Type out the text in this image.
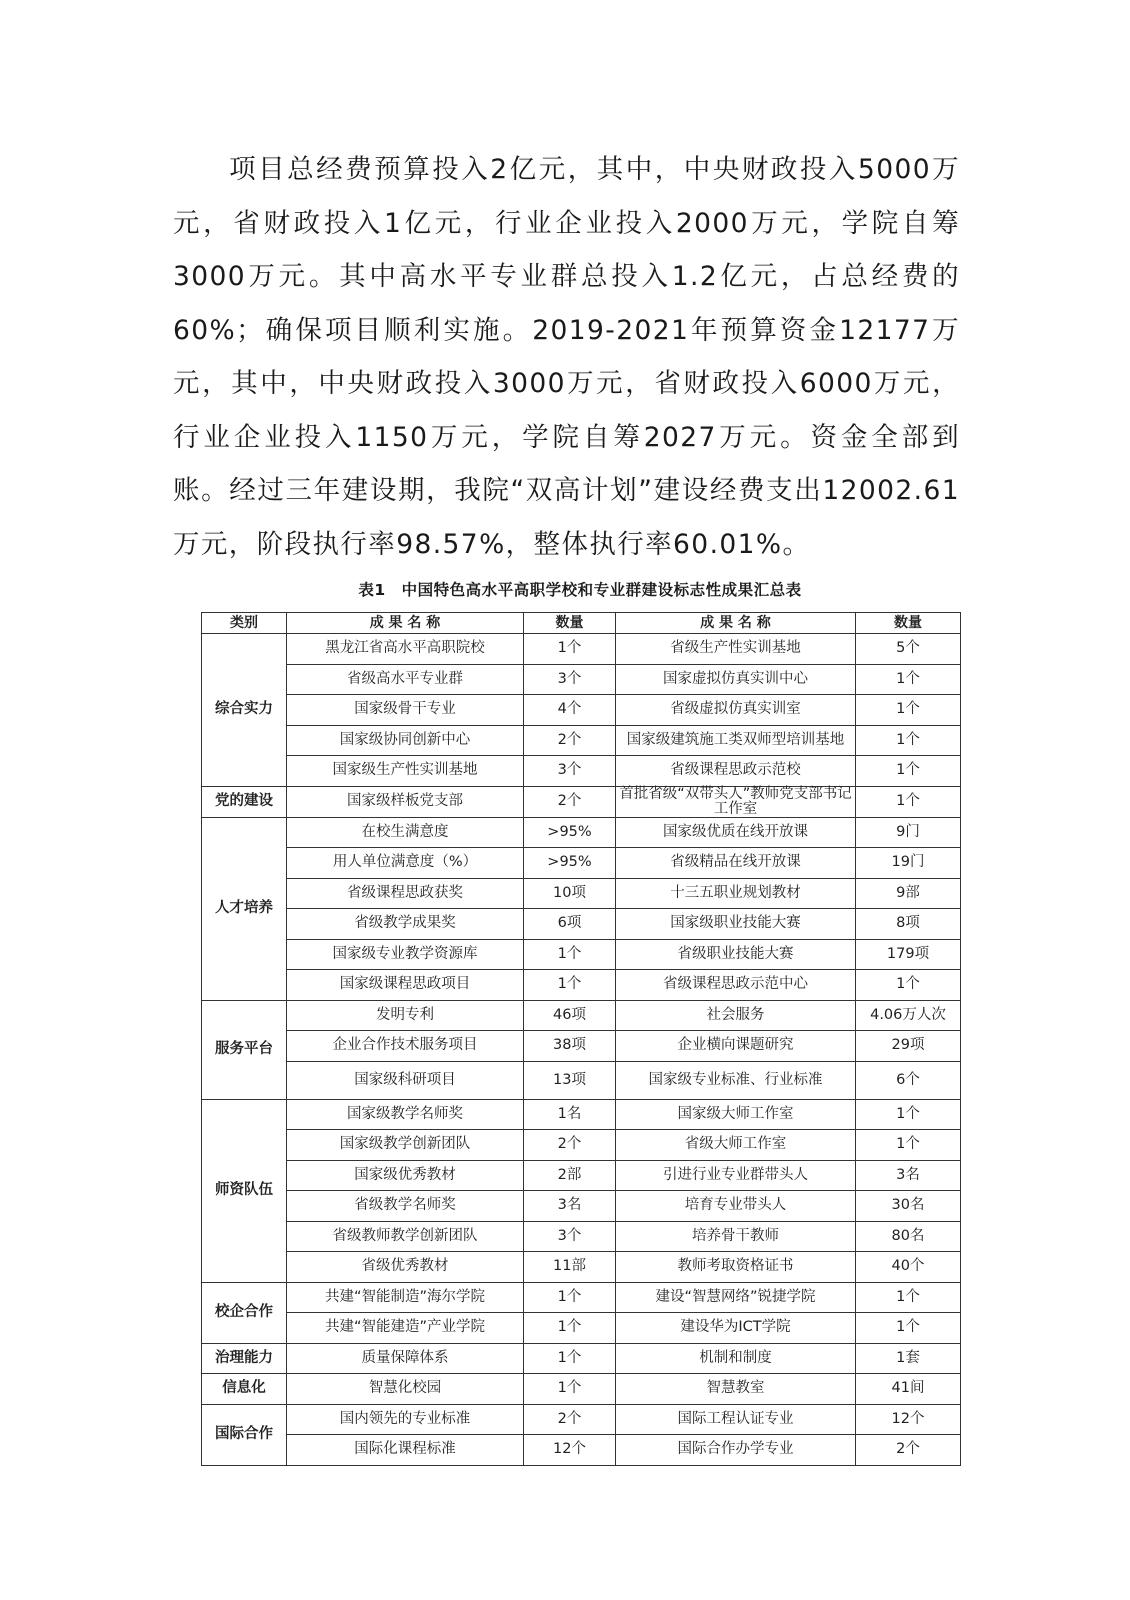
项目总经费预算投入2亿元，其中，中央财政投入5000万元，省财政投入1亿元，行业企业投入2000万元，学院自筹3000万元。其中高水平专业群总投入1.2亿元，占总经费的60%；确保项目顺利实施。2019-2021年预算资金12177万元，其中，中央财政投入3000万元，省财政投入6000万元，行业企业投入1150万元，学院自筹2027万元。资金全部到账。经过三年建设期，我院“双高计划”建设经费支出12002.61万元，阶段执行率98.57%，整体执行率60.01%。

表1　中国特色高水平高职学校和专业群建设标志性成果汇总表

类别	成 果 名 称	数量	成 果 名 称	数量
综合实力	黑龙江省高水平高职院校	1个	省级生产性实训基地	5个
	省级高水平专业群	3个	国家虚拟仿真实训中心	1个
	国家级骨干专业	4个	省级虚拟仿真实训室	1个
	国家级协同创新中心	2个	国家级建筑施工类双师型培训基地	1个
	国家级生产性实训基地	3个	省级课程思政示范校	1个
党的建设	国家级样板党支部	2个	首批省级“双带头人”教师党支部书记工作室	1个
人才培养	在校生满意度	>95%	国家级优质在线开放课	9门
	用人单位满意度（%）	>95%	省级精品在线开放课	19门
	省级课程思政获奖	10项	十三五职业规划教材	9部
	省级教学成果奖	6项	国家级职业技能大赛	8项
	国家级专业教学资源库	1个	省级职业技能大赛	179项
	国家级课程思政项目	1个	省级课程思政示范中心	1个
服务平台	发明专利	46项	社会服务	4.06万人次
	企业合作技术服务项目	38项	企业横向课题研究	29项
	国家级科研项目	13项	国家级专业标准、行业标准	6个
师资队伍	国家级教学名师奖	1名	国家级大师工作室	1个
	国家级教学创新团队	2个	省级大师工作室	1个
	国家级优秀教材	2部	引进行业专业群带头人	3名
	省级教学名师奖	3名	培育专业带头人	30名
	省级教师教学创新团队	3个	培养骨干教师	80名
	省级优秀教材	11部	教师考取资格证书	40个
校企合作	共建“智能制造”海尔学院	1个	建设“智慧网络”锐捷学院	1个
	共建“智能建造”产业学院	1个	建设华为ICT学院	1个
治理能力	质量保障体系	1个	机制和制度	1套
信息化	智慧化校园	1个	智慧教室	41间
国际合作	国内领先的专业标准	2个	国际工程认证专业	12个
	国际化课程标准	12个	国际合作办学专业	2个
